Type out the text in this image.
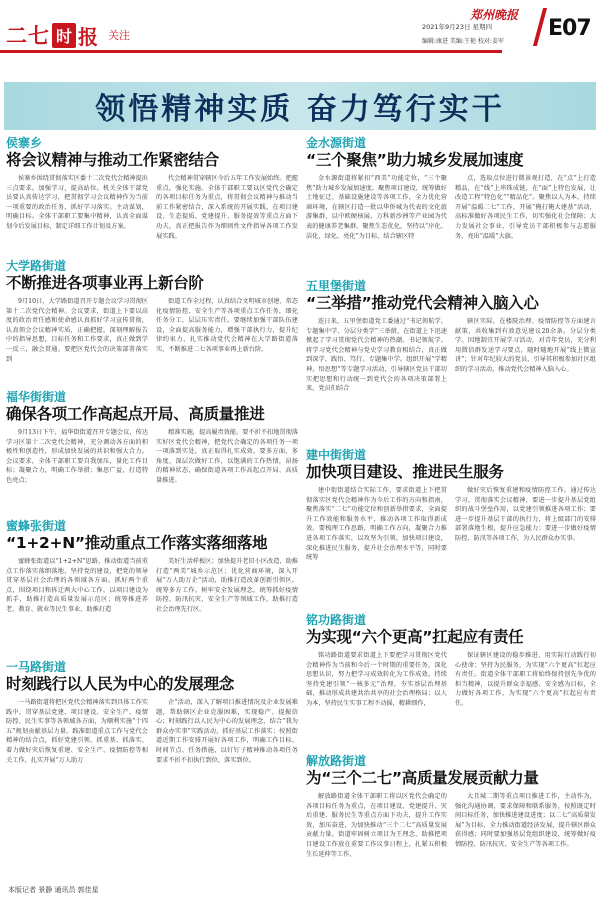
二七 时 报 关注
郑州晚报
2021年9月23日 星期四
编辑:康进 美编:王艳 校对:姜军
E07
领悟精神实质 奋力笃行实干
侯寨乡
将会议精神与推动工作紧密结合

侯寨乡围绕贯彻落实区委十二次党代会精神提出三点要求。加强学习，提高站位。机关全体干部党员要认真传达学习，把贯彻学习会议精神作为当前一项重要的政治任务，抓好学习落实。主动谋划，明确目标。全体干部职工要集中精神，认真全面谋划今后发展目标，制定详细工作计划及方案。

代会精神贯穿辖区今后五年工作发展始终。把握重点，强化实施。全体干部职工要以区党代会确定的各项目标任务为重点，将贯彻会议精神与推动当前工作紧密结合，深入系统的开展实践，在项目建设、生态提质、党建提升、服务提效等重点方面下功夫，真正把报告作为细则性文件指导各项工作发展实践。

大学路街道
不断推进各项事业再上新台阶

9月10日，大学路街道召开专题会议学习贯彻区第十二次党代会精神。会议要求，街道上下要以高度的政治责任感和使命感认真抓好学习宣传贯彻，认真领会会议精神实质，正确把握，深刻理解报告中的指导思想，目标任务和工作要求，真正做到学一反三，融会贯通。要把区党代会的决策部署落实到

街道工作全过程，认真结合文明城市创建、常态化疫情防控、安全生产等各项重点工作任务，细化任务分工，层层压实责任。要继续加强干部队伍建设，全面提高服务能力，增强干部执行力，提升纪律约束力，扎实推动党代会精神在大学路街道落实，不断推进二七各项事业再上新台阶。

福华街街道
确保各项工作高起点开局、高质量推进

9月13日下午，福华街街道召开专题会议，传达学习区第十二次党代会精神，充分调动各方面的积极性和创造性，形成加快发展的共识和强大合力。会议要求，全体干部职工要自我加压，量化工作目标；凝聚合力，明确工作举措；集思广益，打造特色亮点；

精准实施，提高履责效能。要不折不扣地贯彻落实好区党代会精神，把党代会确定的各项任务一项一项落到实处，真正取得扎实成效。要多方面、多角度、深层次做好工作，以饱满的工作热情，昂扬的精神状态，确保街道各项工作高起点开局、高质量推进。

蜜蜂张街道
“1+2+N”推动重点工作落实落细落地

蜜蜂张街道以“1+2+N”思路，推动街道当前重点工作落实落细落地，坚持党的建设，把党的领导贯穿基层社会治理的各领域各方面。抓好两个重点，围绕项目和拆迁两大中心工作，以项目建设为抓手，助推打造高质量发展示范区；统筹推进养老、教育、就业等民生事业，助推打造

美好生活样板区；加快提升老旧小区改造，助推打造“两美”城乡示范区；优化营商环境，深入开展“万人助万企”活动，助推打造改革创新引领区。统筹多方工作。树牢安全发展理念，统筹抓好疫情防控、防汛抗灾、安全生产等领域工作，助推打造社会治理先行区。

一马路街道
时刻践行以人民为中心的发展理念

一马路街道将把区党代会精神落实到具体工作实践中，贯穿基层党建、项目建设、安全生产、疫情防控、民生实事等各领域各方面，为顺利实施“十四五”规划贡献基层力量。践准街道重点工作与党代会精神的结合点，抓好党建引领、抓重基、抓落实、着力做好灾后恢复重建、安全生产、疫情防控等相关工作，扎实开展“万人助万

企”活动，深入了解项目推进情况及企业发展难题，帮助辖区企业克服困难，实现稳产、提振信心；时刻践行以人民为中心的发展理念，结合“我为群众办实事”实践活动，抓好基层工作落实；按照街道近期工作安排开展好各项工作，明确工作目标、时间节点、任务措施，以钉钉子精神推动各项任务要求不折不扣执行到位，落实到位。

金水源街道
“三个聚焦”助力城乡发展加速度

金水源街道将紧扣“西美”功能定位，“三个聚焦”助力城乡发展加速度。聚焦项目建设，统筹做好土地征迁、基础设施建设等各项工作，全力优化营商环境，在辖区打造一批以华侨城为代表的文化旅游集群，以中欧硬核展、万科新沙洲等产业园为代表的健康养老集群。聚焦生态优化，坚持以“序化、洁化、绿化、亮化”为目标，结合辖区特

点，选取点位进行微景观打造，在“点”上打造精品，在“线”上串珠成链，在“面”上特色发展，让改造工程“特色化”“精品化”。聚焦以人为本，持续开展“温暖二七”工作，开展“俺打俺大建基”活动，高标准做好各项民生工作，切实强化社会保障；大力发展社会事业，引导党员干部积极参与志愿服务，亮出“温暖”大旗。

五里堡街道
“三举措”推动党代会精神入脑入心

连日来，五里堡街道党工委通过“书记领航学、专题集中学、分层分类学”三举措，在街道上下迅速掀起了学习贯彻党代会精神的热潮。书记领航学。将学习党代会精神与党史学习教育相结合，真正做到深学、践悟、笃行。专题集中学。组织开展“学精神，悟思想”等专题学习活动，引导辖区党员干部切实把思想和行动统一到党代会的各项决策部署上来。党员们结合

辖区实际，在楼院治理、疫情防控等方面建言献策，共收集到有效意见建议20余条。分层分类学。因地制宜开展学习活动，对青年党员，充分利用微信群发送学习要点，随时随地开展“线上微宣讲”；针对年纪较大的党员，引导其积极参加社区组织的学习活动，推动党代会精神入脑入心。

建中街街道
加快项目建设、推进民生服务

建中街街道结合实际工作，要求街道上下把贯彻落实区党代会精神作为今后工作的方向和指南，聚焦落实“二七”功能定位和创新举措要求，全面提升工作效能和服务水平，推动各项工作取得新成效。要梳理工作思路，明确工作方向，凝聚合力推进各项工作落实，以攻坚为引领，加快项目建设，深化推进民生服务，提升社会治理水平等，同时要统筹

做好灾后恢复重建和疫情防控工作。通过传达学习，贯彻落实会议精神，要进一步提升基层党组织的战斗堡垒作用，以党建引领推进各项工作；要进一步提升基层干部的执行力，将上级部门的安排部署落地生根，提升应急能力；要进一步做好疫情防控、防汛等各项工作，为人民群众办实事。

铭功路街道
为实现“六个更高”扛起应有责任

铭功路街道要求街道上下要把学习贯彻区党代会精神作为当前和今后一个时期的重要任务，深化思想认识，努力把学习成效转化为工作成效。持续坚持党建引领“一核多元”治理，夯实基层治理基础，推动形成共建共治共享的社会治理格局；以人为本，坚持民生实事工程不动摇，精耕细作，

保证辖区建设的稳步推进，用实际行动践行初心使命；坚持为民服务，为实现“六个更高”扛起应有责任。街道全体干部职工将始终保持创先争优的担当精神，以提升群众幸福感、安全感为目标，全力做好各项工作，为实现“六个更高”扛起应有责任。

解放路街道
为“三个二七”高质量发展贡献力量

解放路街道全体干部职工将以区党代会确定的各项目标任务为重点，在项目建设、党建提升、灾后重建、服务民生等重点方面下功夫，提升工作实效，加压奋进，为加快推动“三个二七”高质量发展贡献力量。街道牢固树立项目为王理念，助推把项目建设工作放在重要工作议事日程上，扎紧五积极生长延伸等工作，

大且城二期等重点项目推进工作，主动作为，强化沟通协调，要求保障和联系服务，按照既定时间目标任务，加快推进建设进度；以二七“高质量发展”为目标，全力推动街道经济发展，提升辖区群众获得感；同时要加强基层党组织建设，统筹做好疫情防控、防汛抗灾、安全生产等各项工作。

本版记者 景静 通讯员 郭佳星
